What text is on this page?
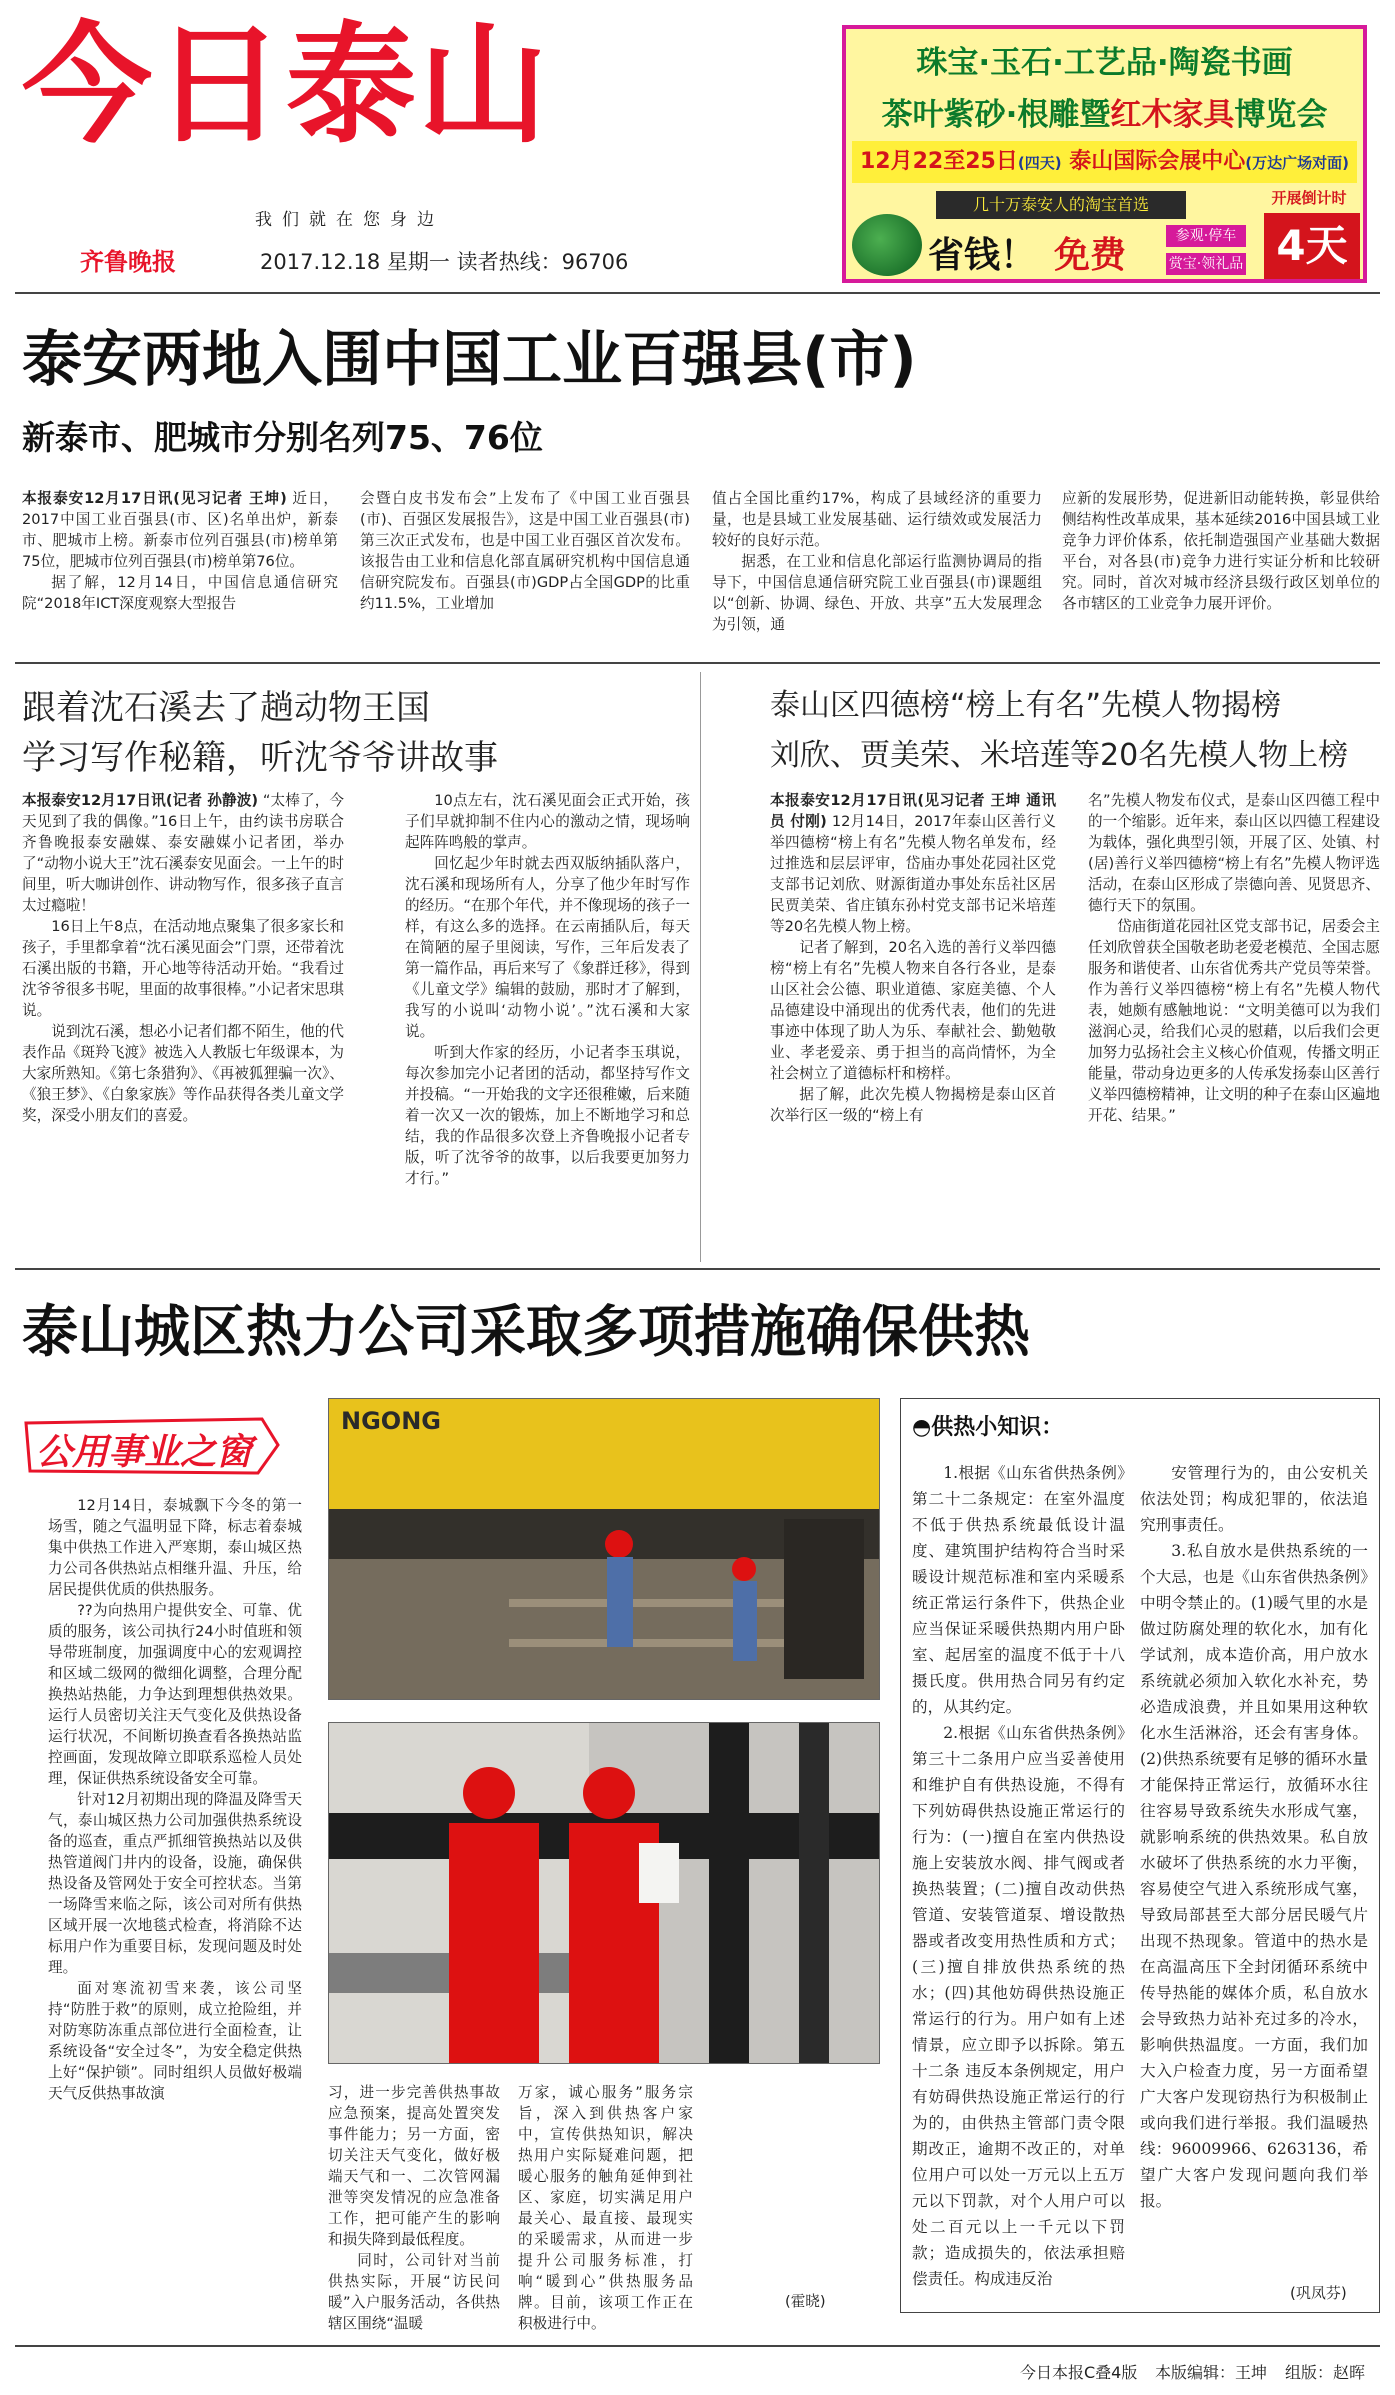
今日泰山
我们就在您身边
齐鲁晚报	2017.12.18 星期一 读者热线：96706
珠宝·玉石·工艺品·陶瓷书画
茶叶紫砂·根雕暨红木家具博览会
12月22至25日(四天) 泰山国际会展中心(万达广场对面)
几十万泰安人的淘宝首选
省钱！ 免费	参观·停车
赏宝·领礼品
开展倒计时
4天
泰安两地入围中国工业百强县(市)
新泰市、肥城市分别名列75、76位

本报泰安12月17日讯(见习记者 王坤) 近日，2017中国工业百强县(市、区)名单出炉，新泰市、肥城市上榜。新泰市位列百强县(市)榜单第75位，肥城市位列百强县(市)榜单第76位。

据了解，12月14日，中国信息通信研究院“2018年ICT深度观察大型报告

会暨白皮书发布会”上发布了《中国工业百强县(市)、百强区发展报告》，这是中国工业百强县(市)第三次正式发布，也是中国工业百强区首次发布。该报告由工业和信息化部直属研究机构中国信息通信研究院发布。百强县(市)GDP占全国GDP的比重约11.5%，工业增加

值占全国比重约17%，构成了县域经济的重要力量，也是县域工业发展基础、运行绩效或发展活力较好的良好示范。

据悉，在工业和信息化部运行监测协调局的指导下，中国信息通信研究院工业百强县(市)课题组以“创新、协调、绿色、开放、共享”五大发展理念为引领，通

应新的发展形势，促进新旧动能转换，彰显供给侧结构性改革成果，基本延续2016中国县域工业竞争力评价体系，依托制造强国产业基础大数据平台，对各县(市)竞争力进行实证分析和比较研究。同时，首次对城市经济县级行政区划单位的各市辖区的工业竞争力展开评价。

跟着沈石溪去了趟动物王国
学习写作秘籍，听沈爷爷讲故事

本报泰安12月17日讯(记者 孙静波) “太棒了，今天见到了我的偶像。”16日上午，由约读书房联合齐鲁晚报泰安融媒、泰安融媒小记者团，举办了“动物小说大王”沈石溪泰安见面会。一上午的时间里，听大咖讲创作、讲动物写作，很多孩子直言太过瘾啦！

16日上午8点，在活动地点聚集了很多家长和孩子，手里都拿着“沈石溪见面会”门票，还带着沈石溪出版的书籍，开心地等待活动开始。“我看过沈爷爷很多书呢，里面的故事很棒。”小记者宋思琪说。

说到沈石溪，想必小记者们都不陌生，他的代表作品《斑羚飞渡》被选入人教版七年级课本，为大家所熟知。《第七条猎狗》、《再被狐狸骗一次》、《狼王梦》、《白象家族》等作品获得各类儿童文学奖，深受小朋友们的喜爱。

10点左右，沈石溪见面会正式开始，孩子们早就抑制不住内心的激动之情，现场响起阵阵鸣般的掌声。

回忆起少年时就去西双版纳插队落户，沈石溪和现场所有人，分享了他少年时写作的经历。“在那个年代，并不像现场的孩子一样，有这么多的选择。在云南插队后，每天在简陋的屋子里阅读，写作，三年后发表了第一篇作品，再后来写了《象群迁移》，得到《儿童文学》编辑的鼓励，那时才了解到，我写的小说叫‘动物小说’。”沈石溪和大家说。

听到大作家的经历，小记者李玉琪说，每次参加完小记者团的活动，都坚持写作文并投稿。“一开始我的文字还很稚嫩，后来随着一次又一次的锻炼，加上不断地学习和总结，我的作品很多次登上齐鲁晚报小记者专版，听了沈爷爷的故事，以后我要更加努力才行。”

泰山区四德榜“榜上有名”先模人物揭榜
刘欣、贾美荣、米培莲等20名先模人物上榜

本报泰安12月17日讯(见习记者 王坤 通讯员 付刚) 12月14日，2017年泰山区善行义举四德榜“榜上有名”先模人物名单发布，经过推选和层层评审，岱庙办事处花园社区党支部书记刘欣、财源街道办事处东岳社区居民贾美荣、省庄镇东孙村党支部书记米培莲等20名先模人物上榜。

记者了解到，20名入选的善行义举四德榜“榜上有名”先模人物来自各行各业，是泰山区社会公德、职业道德、家庭美德、个人品德建设中涌现出的优秀代表，他们的先进事迹中体现了助人为乐、奉献社会、勤勉敬业、孝老爱亲、勇于担当的高尚情怀，为全社会树立了道德标杆和榜样。

据了解，此次先模人物揭榜是泰山区首次举行区一级的“榜上有

名”先模人物发布仪式，是泰山区四德工程中的一个缩影。近年来，泰山区以四德工程建设为载体，强化典型引领，开展了区、处镇、村(居)善行义举四德榜“榜上有名”先模人物评选活动，在泰山区形成了崇德向善、见贤思齐、德行天下的氛围。

岱庙街道花园社区党支部书记，居委会主任刘欣曾获全国敬老助老爱老模范、全国志愿服务和谐使者、山东省优秀共产党员等荣誉。作为善行义举四德榜“榜上有名”先模人物代表，她颇有感触地说：“文明美德可以为我们滋润心灵，给我们心灵的慰藉，以后我们会更加努力弘扬社会主义核心价值观，传播文明正能量，带动身边更多的人传承发扬泰山区善行义举四德榜精神，让文明的种子在泰山区遍地开花、结果。”

泰山城区热力公司采取多项措施确保供热
公用事业之窗

12月14日，泰城飘下今冬的第一场雪，随之气温明显下降，标志着泰城集中供热工作进入严寒期，泰山城区热力公司各供热站点相继升温、升压，给居民提供优质的供热服务。

??为向热用户提供安全、可靠、优质的服务，该公司执行24小时值班和领导带班制度，加强调度中心的宏观调控和区域二级网的微细化调整，合理分配换热站热能，力争达到理想供热效果。运行人员密切关注天气变化及供热设备运行状况，不间断切换查看各换热站监控画面，发现故障立即联系巡检人员处理，保证供热系统设备安全可靠。

针对12月初期出现的降温及降雪天气，泰山城区热力公司加强供热系统设备的巡查，重点严抓细管换热站以及供热管道阀门井内的设备，设施，确保供热设备及管网处于安全可控状态。当第一场降雪来临之际，该公司对所有供热区域开展一次地毯式检查，将消除不达标用户作为重要目标，发现问题及时处理。

面对寒流初雪来袭，该公司坚持“防胜于救”的原则，成立抢险组，并对防寒防冻重点部位进行全面检查，让系统设备“安全过冬”，为安全稳定供热上好“保护锁”。同时组织人员做好极端天气反供热事故演

NGONG

习，进一步完善供热事故应急预案，提高处置突发事件能力；另一方面，密切关注天气变化，做好极端天气和一、二次管网漏泄等突发情况的应急准备工作，把可能产生的影响和损失降到最低程度。

同时，公司针对当前供热实际，开展“访民问暖”入户服务活动，各供热辖区围绕“温暖

万家，诚心服务”服务宗旨，深入到供热客户家中，宣传供热知识，解决热用户实际疑难问题，把暖心服务的触角延伸到社区、家庭，切实满足用户最关心、最直接、最现实的采暖需求，从而进一步提升公司服务标准，打响“暖到心”供热服务品牌。目前，该项工作正在积极进行中。

(霍晓)
◓供热小知识：

1.根据《山东省供热条例》第二十二条规定：在室外温度不低于供热系统最低设计温度、建筑围护结构符合当时采暖设计规范标准和室内采暖系统正常运行条件下，供热企业应当保证采暖供热期内用户卧室、起居室的温度不低于十八摄氏度。供用热合同另有约定的，从其约定。

2.根据《山东省供热条例》第三十二条用户应当妥善使用和维护自有供热设施，不得有下列妨碍供热设施正常运行的行为：(一)擅自在室内供热设施上安装放水阀、排气阀或者换热装置；(二)擅自改动供热管道、安装管道泵、增设散热器或者改变用热性质和方式；(三)擅自排放供热系统的热水；(四)其他妨碍供热设施正常运行的行为。用户如有上述情景，应立即予以拆除。第五十二条 违反本条例规定，用户有妨碍供热设施正常运行的行为的，由供热主管部门责令限期改正，逾期不改正的，对单位用户可以处一万元以上五万元以下罚款，对个人用户可以处二百元以上一千元以下罚款；造成损失的，依法承担赔偿责任。构成违反治

安管理行为的，由公安机关依法处罚；构成犯罪的，依法追究刑事责任。

3.私自放水是供热系统的一个大忌，也是《山东省供热条例》中明令禁止的。(1)暖气里的水是做过防腐处理的软化水，加有化学试剂，成本造价高，用户放水系统就必须加入软化水补充，势必造成浪费，并且如果用这种软化水生活淋浴，还会有害身体。(2)供热系统要有足够的循环水量才能保持正常运行，放循环水往往容易导致系统失水形成气塞，就影响系统的供热效果。私自放水破坏了供热系统的水力平衡，容易使空气进入系统形成气塞，导致局部甚至大部分居民暖气片出现不热现象。管道中的热水是在高温高压下全封闭循环系统中传导热能的媒体介质，私自放水会导致热力站补充过多的冷水，影响供热温度。一方面，我们加大入户检查力度，另一方面希望广大客户发现窃热行为积极制止或向我们进行举报。我们温暖热线：96009966、6263136，希望广大客户发现问题向我们举报。

(巩凤芬)
今日本报C叠4版 本版编辑：王坤 组版：赵晖
